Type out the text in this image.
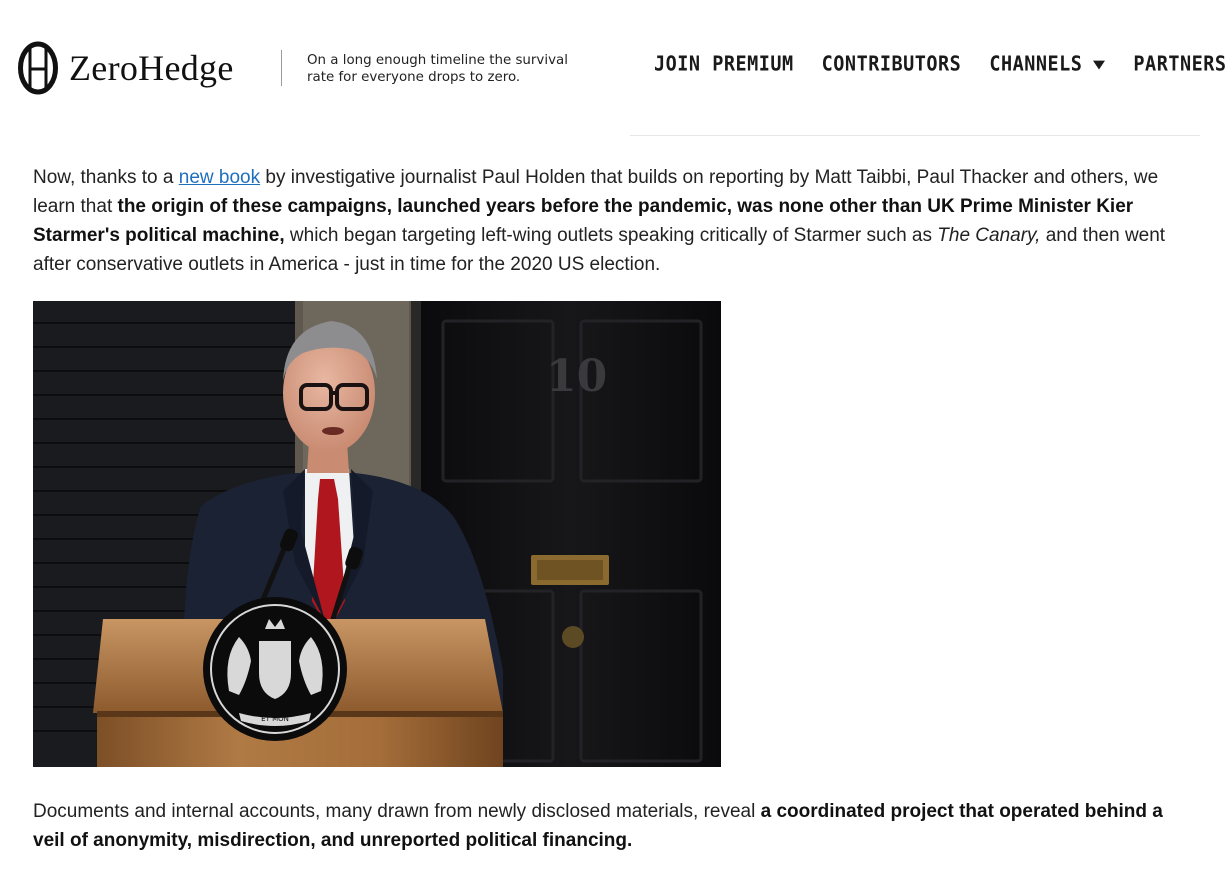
ZeroHedge	On a long enough timeline the survival
rate for everyone drops to zero.
JOIN PREMIUM CONTRIBUTORS CHANNELS	PARTNERS

Now, thanks to a new book by investigative journalist Paul Holden that builds on reporting by Matt Taibbi, Paul Thacker and others, we learn that the origin of these campaigns, launched years before the pandemic, was none other than UK Prime Minister Kier Starmer's political machine, which began targeting left-wing outlets speaking critically of Starmer such as The Canary, and then went after conservative outlets in America - just in time for the 2020 US election.

10
ET MON

Documents and internal accounts, many drawn from newly disclosed materials, reveal a coordinated project that operated behind a veil of anonymity, misdirection, and unreported political financing.
